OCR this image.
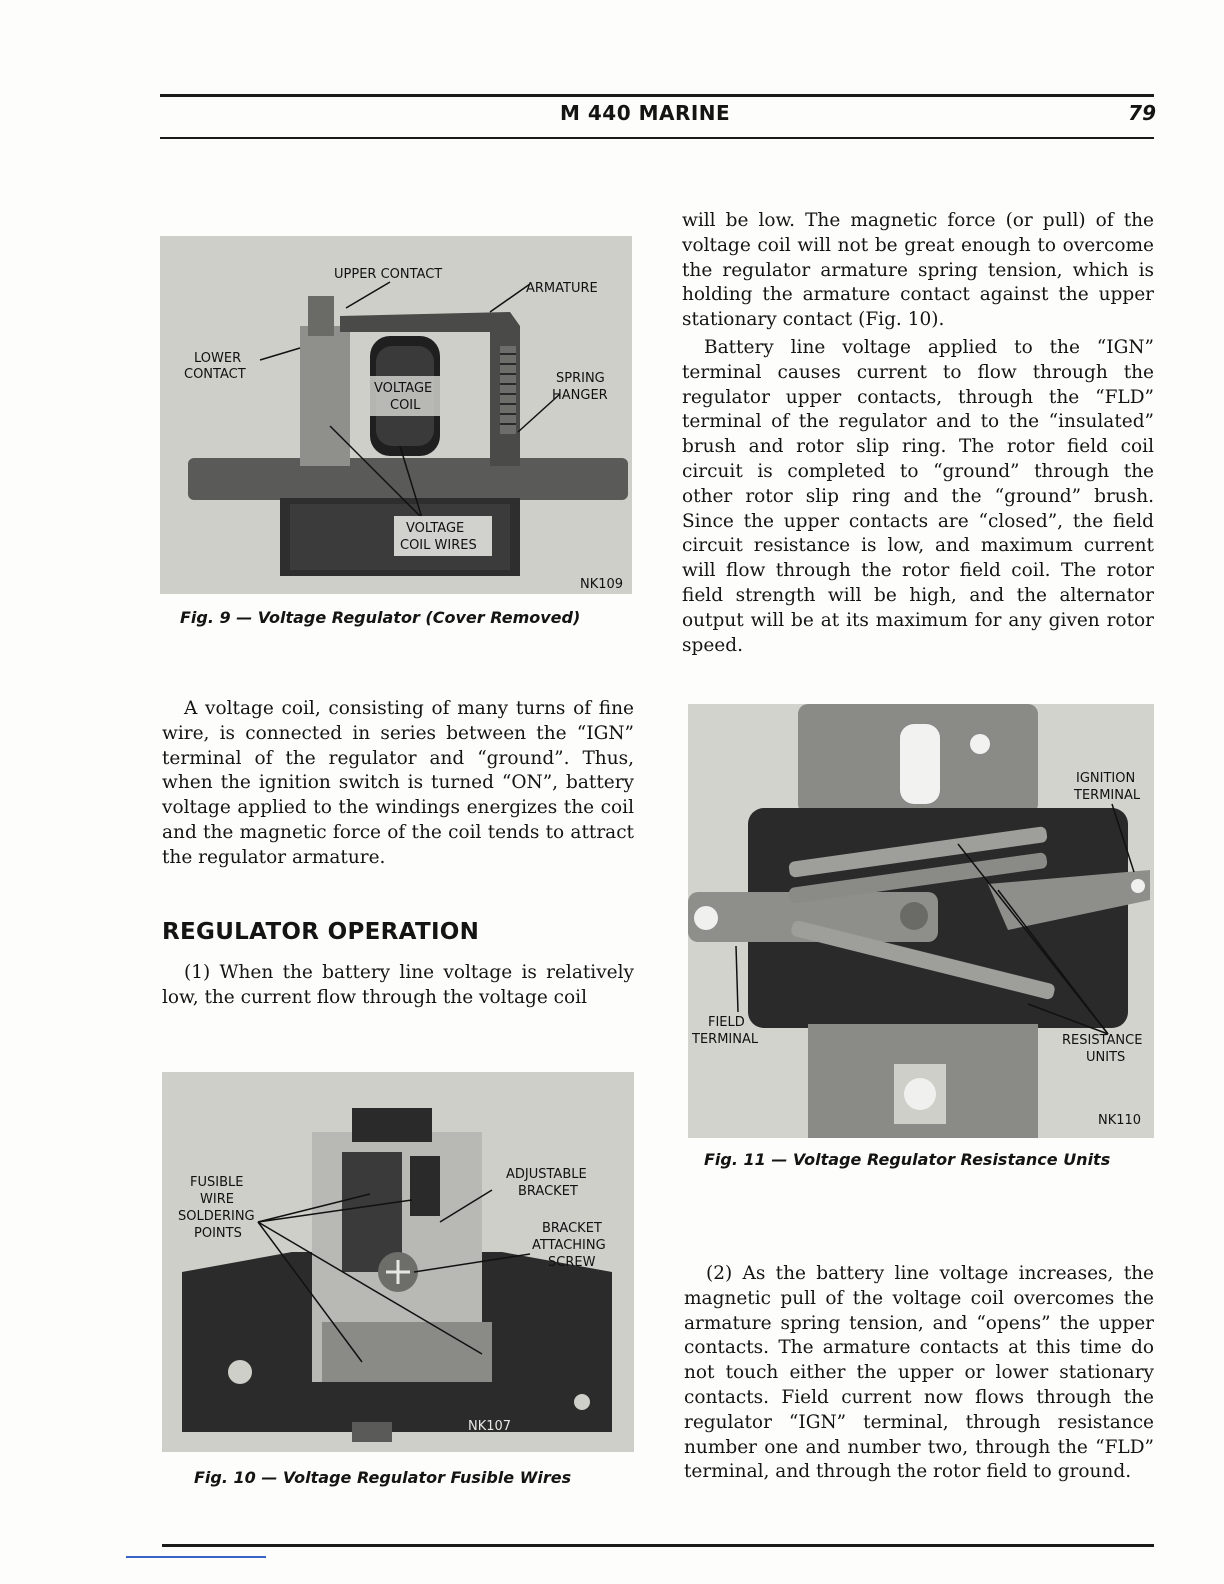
M 440 MARINE	79
UPPER CONTACT
ARMATURE
LOWER
CONTACT
VOLTAGE
COIL
SPRING
HANGER
VOLTAGE
COIL WIRES
NK109
Fig. 9 — Voltage Regulator (Cover Removed)

will be low. The magnetic force (or pull) of the voltage coil will not be great enough to overcome the regulator armature spring tension, which is holding the armature contact against the upper stationary contact (Fig. 10).

Battery line voltage applied to the “IGN” terminal causes current to flow through the regulator upper contacts, through the “FLD” terminal of the regulator and to the “insulated” brush and rotor slip ring. The rotor field coil circuit is completed to “ground” through the other rotor slip ring and the “ground” brush. Since the upper contacts are “closed”, the field circuit resistance is low, and maximum current will flow through the rotor field coil. The rotor field strength will be high, and the alternator output will be at its maximum for any given rotor speed.

A voltage coil, consisting of many turns of fine wire, is connected in series between the “IGN” terminal of the regulator and “ground”. Thus, when the ignition switch is turned “ON”, battery voltage applied to the windings energizes the coil and the magnetic force of the coil tends to attract the regulator armature.

REGULATOR OPERATION

(1) When the battery line voltage is relatively low, the current flow through the voltage coil

IGNITION
TERMINAL
FIELD
TERMINAL	RESISTANCE
UNITS
NK110
Fig. 11 — Voltage Regulator Resistance Units
FUSIBLE
WIRE
SOLDERING
POINTS
ADJUSTABLE
BRACKET
BRACKET
ATTACHING
SCREW
NK107
Fig. 10 — Voltage Regulator Fusible Wires

(2) As the battery line voltage increases, the magnetic pull of the voltage coil overcomes the armature spring tension, and “opens” the upper contacts. The armature contacts at this time do not touch either the upper or lower stationary contacts. Field current now flows through the regulator “IGN” terminal, through resistance number one and number two, through the “FLD” terminal, and through the rotor field to ground.
